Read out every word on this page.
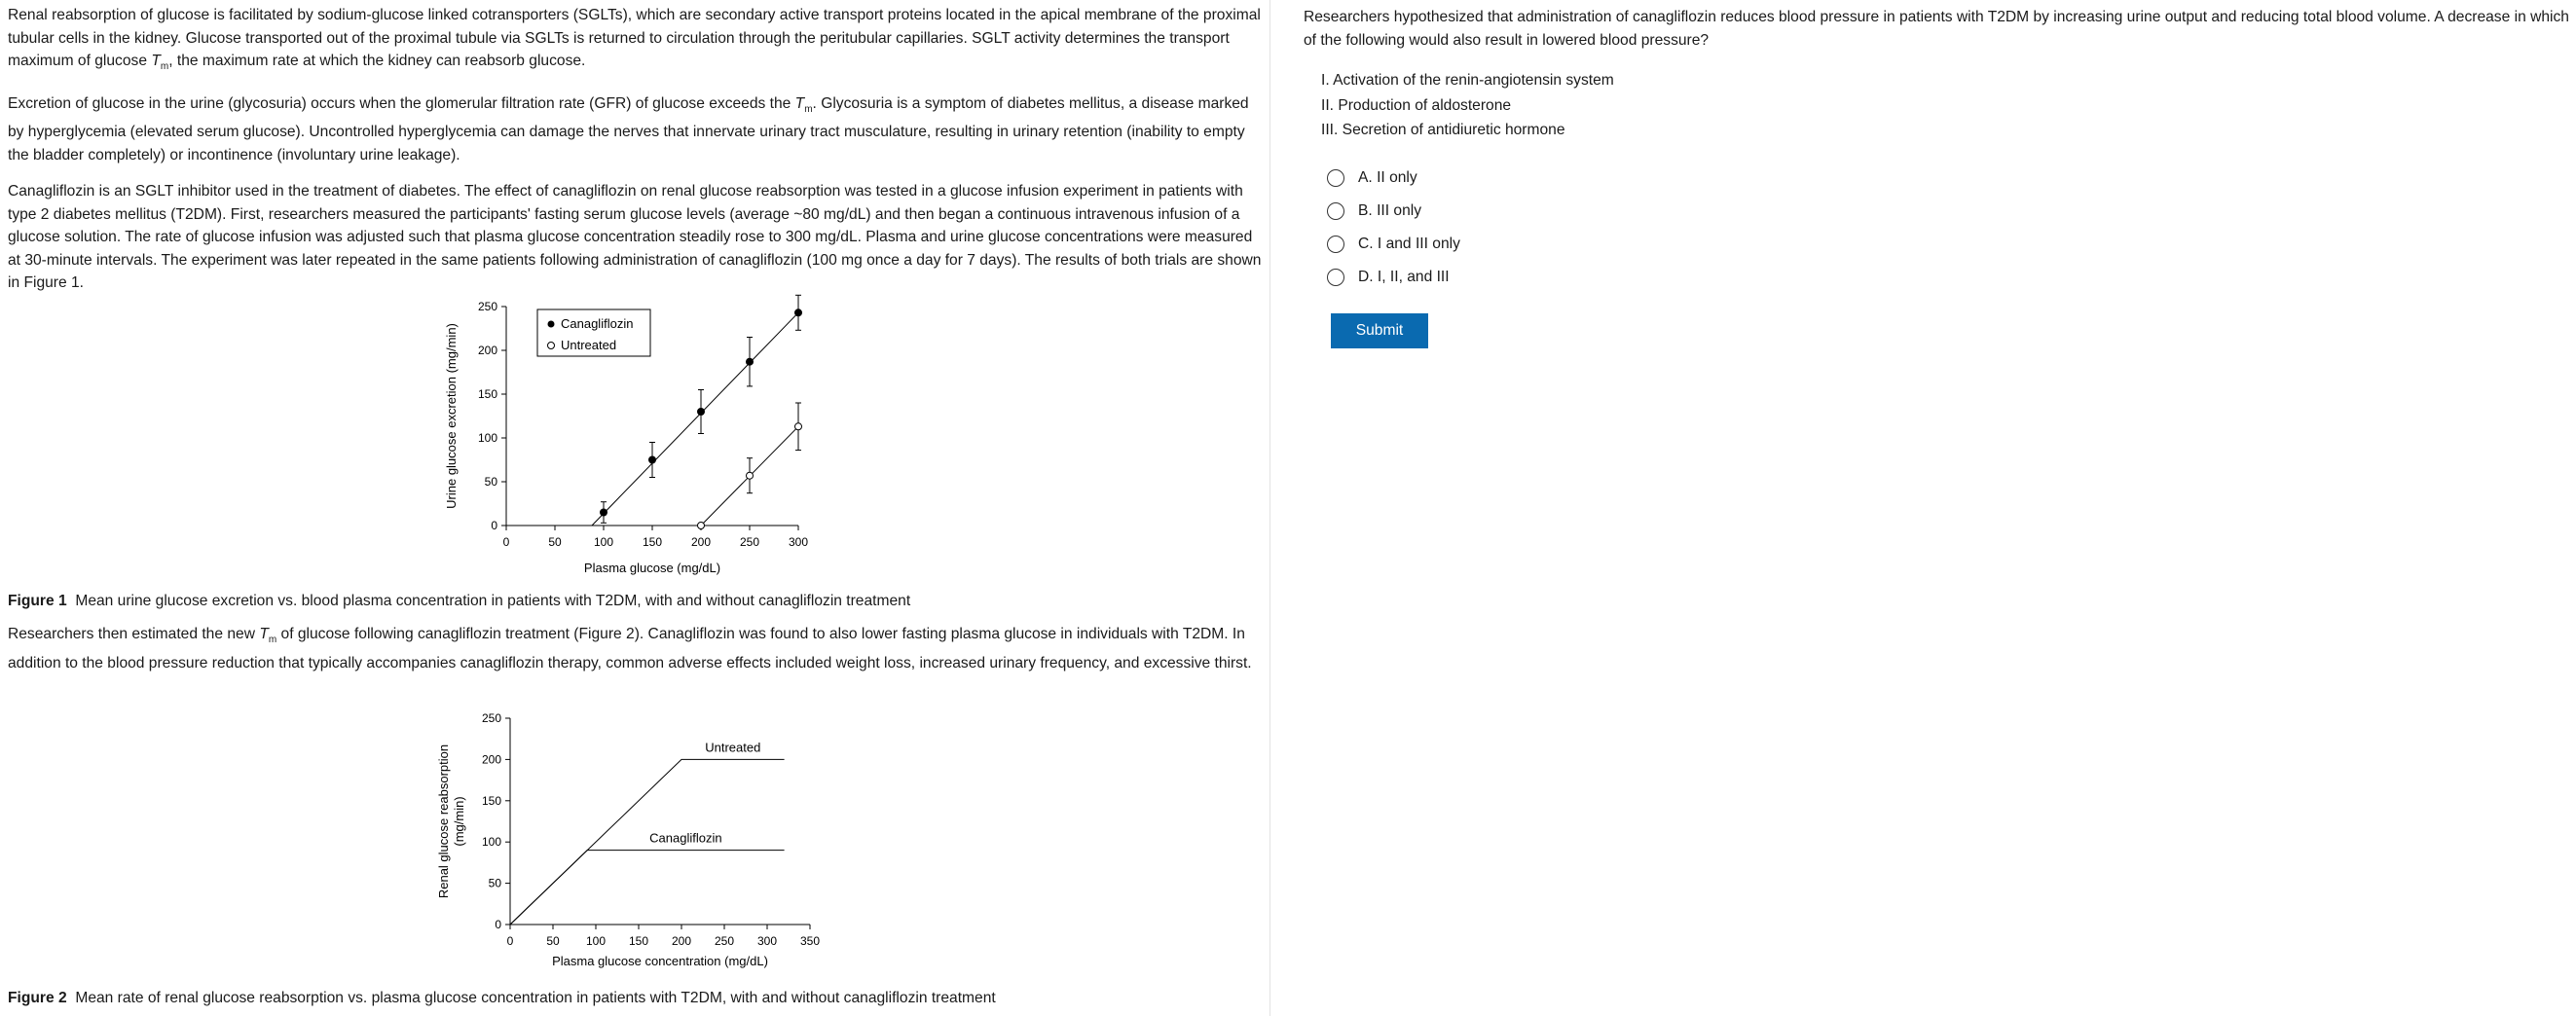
Renal reabsorption of glucose is facilitated by sodium-glucose linked cotransporters (SGLTs), which are secondary active transport proteins located in the apical membrane of the proximal tubular cells in the kidney. Glucose transported out of the proximal tubule via SGLTs is returned to circulation through the peritubular capillaries. SGLT activity determines the transport maximum of glucose $T_m$, the maximum rate at which the kidney can reabsorb glucose.

Excretion of glucose in the urine (glycosuria) occurs when the glomerular filtration rate (GFR) of glucose exceeds the $T_m$. Glycosuria is a symptom of diabetes mellitus, a disease marked by hyperglycemia (elevated serum glucose). Uncontrolled hyperglycemia can damage the nerves that innervate urinary tract musculature, resulting in urinary retention (inability to empty the bladder completely) or incontinence (involuntary urine leakage).

Canagliflozin is an SGLT inhibitor used in the treatment of diabetes. The effect of canagliflozin on renal glucose reabsorption was tested in a glucose infusion experiment in patients with type 2 diabetes mellitus (T2DM). First, researchers measured the participants' fasting serum glucose levels (average ~80 mg/dL) and then began a continuous intravenous infusion of a glucose solution. The rate of glucose infusion was adjusted such that plasma glucose concentration steadily rose to 300 mg/dL. Plasma and urine glucose concentrations were measured at 30-minute intervals. The experiment was later repeated in the same patients following administration of canagliflozin (100 mg once a day for 7 days). The results of both trials are shown in Figure 1.

0
50
100
150
200
250
0	50	100 150 200 250 300
Plasma glucose (mg/dL)
Urine glucose excretion (mg/min)	Canagliflozin
Untreated
Figure 1 Mean urine glucose excretion vs. blood plasma concentration in patients with T2DM, with and without canagliflozin treatment
Researchers then estimated the new $T_m$ of glucose following canagliflozin treatment (Figure 2). Canagliflozin was found to also lower fasting plasma glucose in individuals with T2DM. In addition to the blood pressure reduction that typically accompanies canagliflozin therapy, common adverse effects included weight loss, increased urinary frequency, and excessive thirst.
0
50
100
150
200
250
0	50 100 150 200 250 300 350
Plasma glucose concentration (mg/dL)
Renal glucose reabsorption(mg/min)
Untreated
Canagliflozin
Figure 2 Mean rate of renal glucose reabsorption vs. plasma glucose concentration in patients with T2DM, with and without canagliflozin treatment

Researchers hypothesized that administration of canagliflozin reduces blood pressure in patients with T2DM by increasing urine output and reducing total blood volume. A decrease in which of the following would also result in lowered blood pressure?

I. Activation of the renin-angiotensin system
II. Production of aldosterone
III. Secretion of antidiuretic hormone
A. II only
B. III only
C. I and III only
D. I, II, and III
Submit
